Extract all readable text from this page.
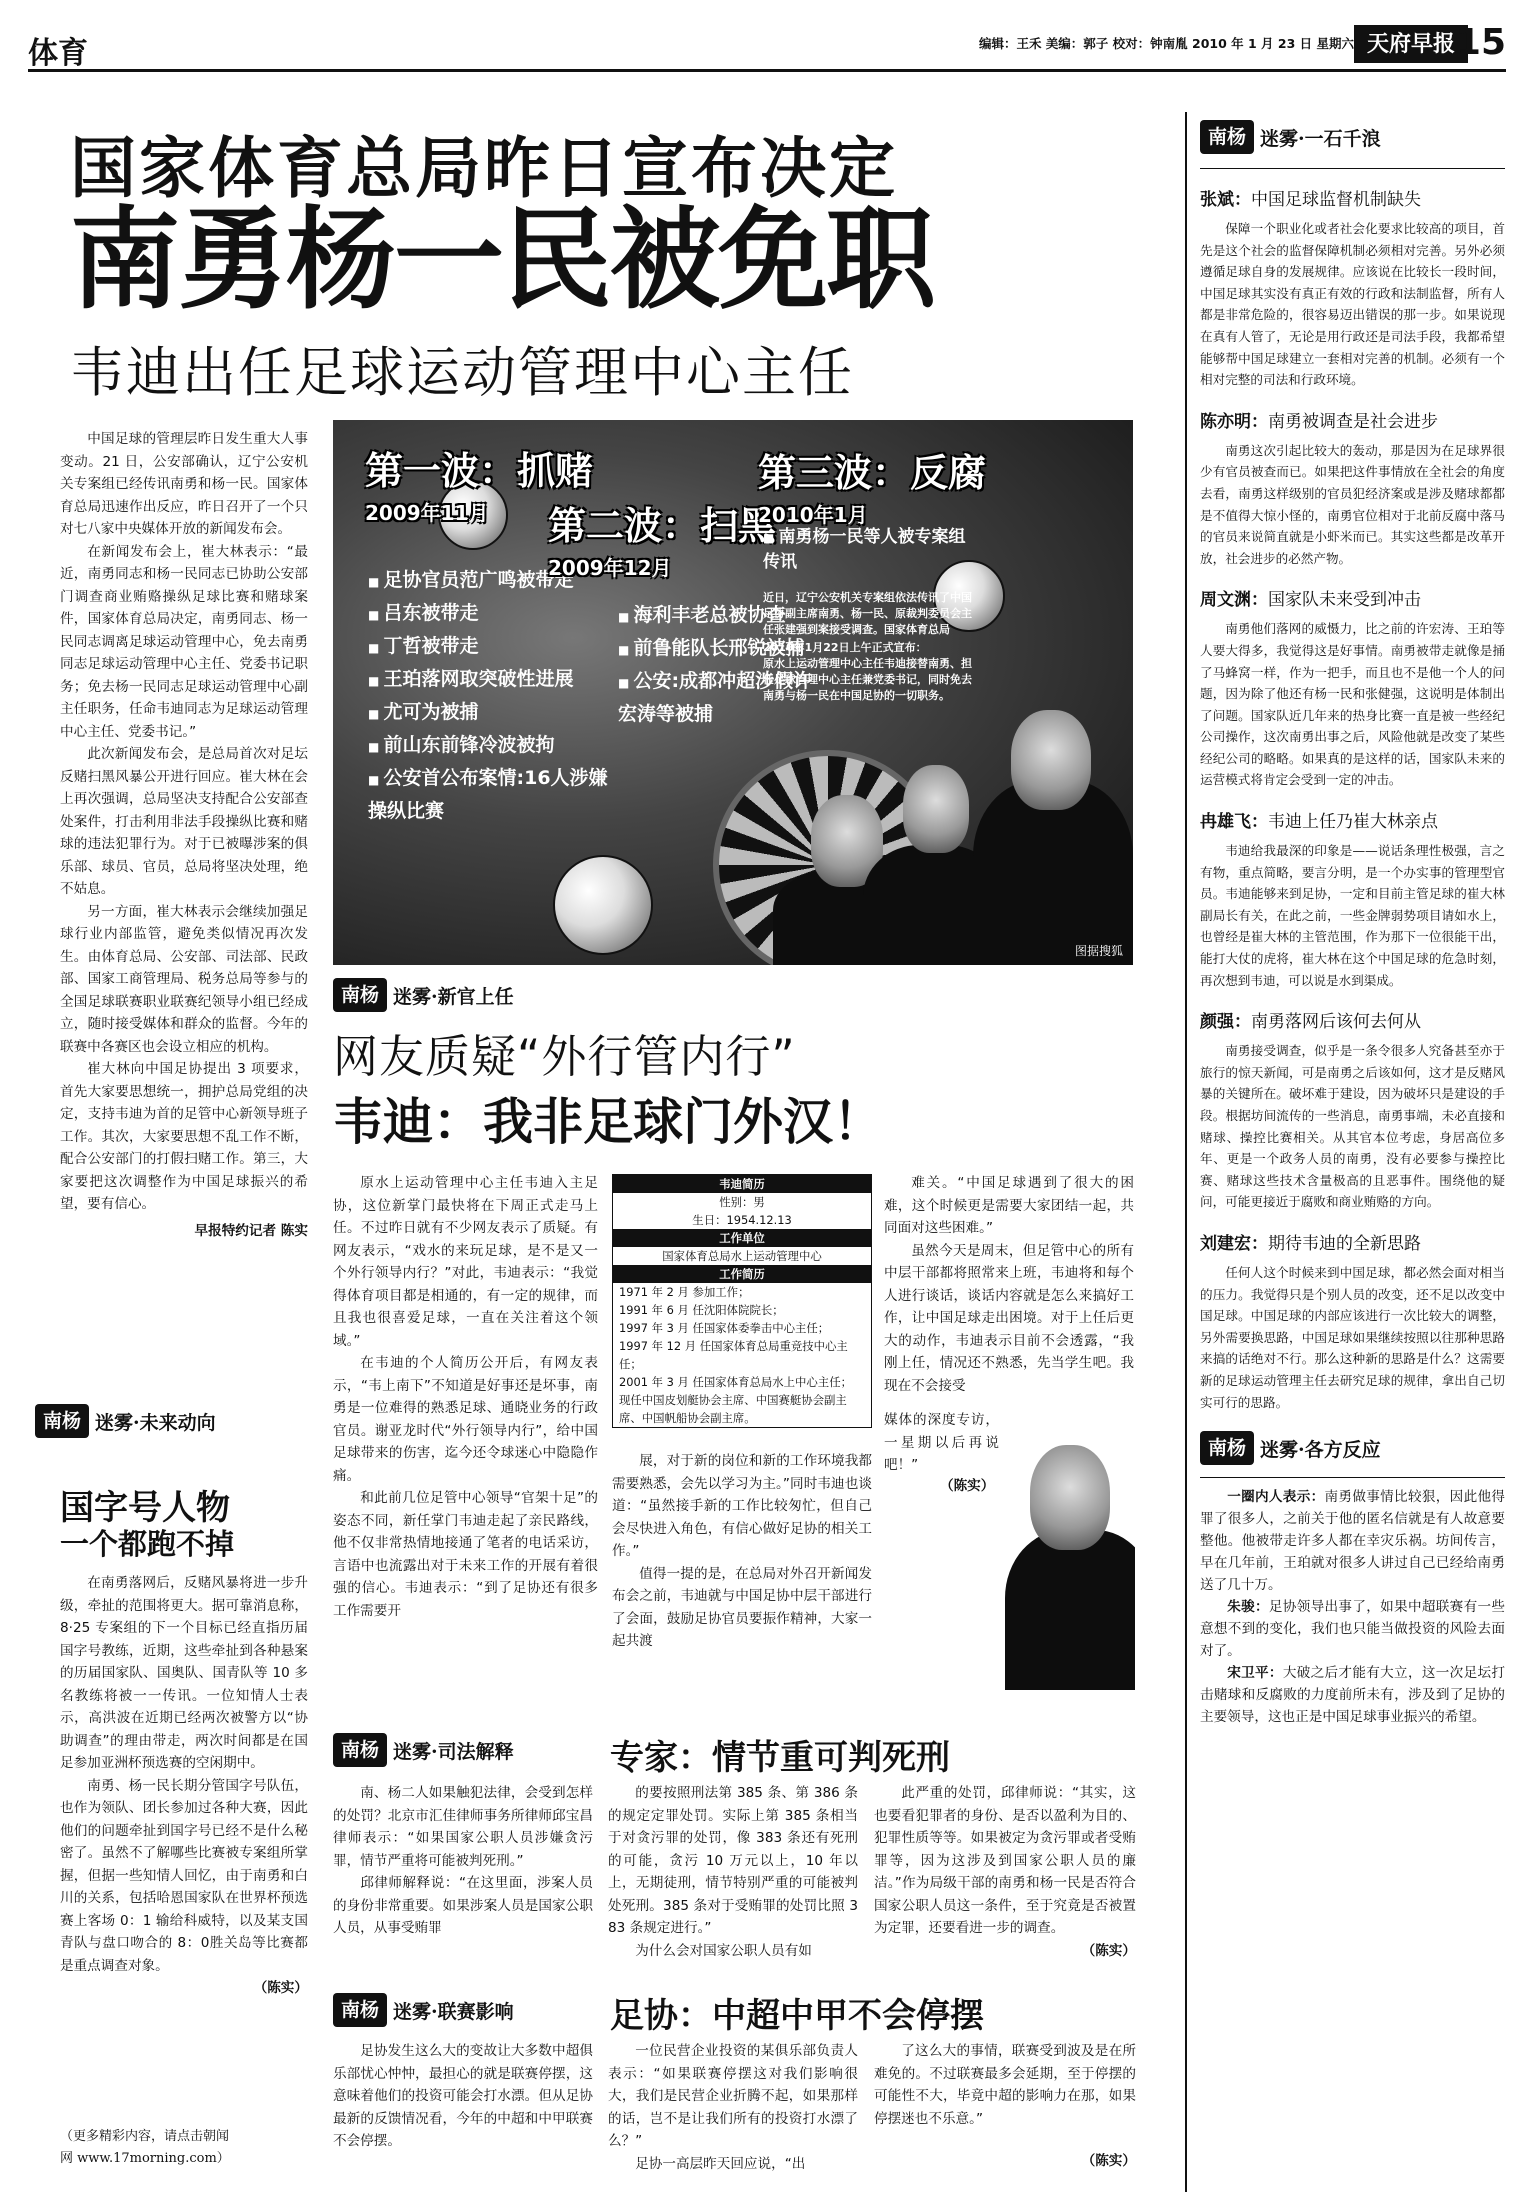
体育	编辑：王禾 美编：郭子 校对：钟南胤 2010 年 1 月 23 日 星期六 天府早报 15
国家体育总局昨日宣布决定
南勇杨一民被免职
韦迪出任足球运动管理中心主任

中国足球的管理层昨日发生重大人事变动。21 日，公安部确认，辽宁公安机关专案组已经传讯南勇和杨一民。国家体育总局迅速作出反应，昨日召开了一个只对七八家中央媒体开放的新闻发布会。

在新闻发布会上，崔大林表示：“最近，南勇同志和杨一民同志已协助公安部门调查商业贿赂操纵足球比赛和赌球案件，国家体育总局决定，南勇同志、杨一民同志调离足球运动管理中心，免去南勇同志足球运动管理中心主任、党委书记职务；免去杨一民同志足球运动管理中心副主任职务，任命韦迪同志为足球运动管理中心主任、党委书记。”

此次新闻发布会，是总局首次对足坛反赌扫黑风暴公开进行回应。崔大林在会上再次强调，总局坚决支持配合公安部查处案件，打击利用非法手段操纵比赛和赌球的违法犯罪行为。对于已被曝涉案的俱乐部、球员、官员，总局将坚决处理，绝不姑息。

另一方面，崔大林表示会继续加强足球行业内部监管，避免类似情况再次发生。由体育总局、公安部、司法部、民政部、国家工商管理局、税务总局等参与的全国足球联赛职业联赛纪领导小组已经成立，随时接受媒体和群众的监督。今年的联赛中各赛区也会设立相应的机构。

崔大林向中国足协提出 3 项要求，首先大家要思想统一，拥护总局党组的决定，支持韦迪为首的足管中心新领导班子工作。其次，大家要思想不乱工作不断，配合公安部门的打假扫赌工作。第三，大家要把这次调整作为中国足球振兴的希望，要有信心。

早报特约记者 陈实
第一波：抓赌
2009年11月
■ 足协官员范广鸣被带走
■ 吕东被带走
■ 丁哲被带走
■ 王珀落网取突破性进展
■ 尤可为被捕
■ 前山东前锋冷波被拘
■ 公安首公布案情:16人涉嫌操纵比赛
第二波：扫黑
2009年12月
■ 海利丰老总被协查
■ 前鲁能队长邢锐被捕
■ 公安:成都冲超涉假许宏涛等被捕
第三波：反腐
2010年1月
■ 南勇杨一民等人被专案组传讯
近日，辽宁公安机关专案组依法传讯了中国足协副主席南勇、杨一民、原裁判委员会主任张建强到案接受调查。国家体育总局
2010年1月22日上午正式宣布：
原水上运动管理中心主任韦迪接替南勇、担任足球管理中心主任兼党委书记，同时免去南勇与杨一民在中国足协的一切职务。
图据搜狐
南杨 迷雾·新官上任
网友质疑“外行管内行”
韦迪：我非足球门外汉！

原水上运动管理中心主任韦迪入主足协，这位新掌门最快将在下周正式走马上任。不过昨日就有不少网友表示了质疑。有网友表示，“戏水的来玩足球，是不是又一个外行领导内行？”对此，韦迪表示：“我觉得体育项目都是相通的，有一定的规律，而且我也很喜爱足球，一直在关注着这个领域。”

在韦迪的个人简历公开后，有网友表示，“韦上南下”不知道是好事还是坏事，南勇是一位难得的熟悉足球、通晓业务的行政官员。谢亚龙时代“外行领导内行”，给中国足球带来的伤害，迄今还令球迷心中隐隐作痛。

和此前几位足管中心领导“官架十足”的姿态不同，新任掌门韦迪走起了亲民路线，他不仅非常热情地接通了笔者的电话采访，言语中也流露出对于未来工作的开展有着很强的信心。韦迪表示：“到了足协还有很多工作需要开

韦迪简历
性别：男
生日：1954.12.13
工作单位
国家体育总局水上运动管理中心
工作简历
1971 年 2 月 参加工作；
1991 年 6 月 任沈阳体院院长；
1997 年 3 月 任国家体委拳击中心主任；
1997 年 12 月 任国家体育总局重竞技中心主任；
2001 年 3 月 任国家体育总局水上中心主任；
现任中国皮划艇协会主席、中国赛艇协会副主席、中国帆船协会副主席。

展，对于新的岗位和新的工作环境我都需要熟悉，会先以学习为主。”同时韦迪也谈道：“虽然接手新的工作比较匆忙，但自己会尽快进入角色，有信心做好足协的相关工作。”

值得一提的是，在总局对外召开新闻发布会之前，韦迪就与中国足协中层干部进行了会面，鼓励足协官员要振作精神，大家一起共渡

难关。“中国足球遇到了很大的困难，这个时候更是需要大家团结一起，共同面对这些困难。”

虽然今天是周末，但足管中心的所有中层干部都将照常来上班，韦迪将和每个人进行谈话，谈话内容就是怎么来搞好工作，让中国足球走出困境。对于上任后更大的动作，韦迪表示目前不会透露，“我刚上任，情况还不熟悉，先当学生吧。我现在不会接受

媒体的深度专访，一星期以后再说吧！”
（陈实）
南杨 迷雾·司法解释	专家：情节重可判死刑

南、杨二人如果触犯法律，会受到怎样的处罚？北京市汇佳律师事务所律师邱宝昌律师表示：“如果国家公职人员涉嫌贪污罪，情节严重将可能被判死刑。”

邱律师解释说：“在这里面，涉案人员的身份非常重要。如果涉案人员是国家公职人员，从事受贿罪

的要按照刑法第 385 条、第 386 条的规定定罪处罚。实际上第 385 条相当于对贪污罪的处罚，像 383 条还有死刑的可能，贪污 10 万元以上，10 年以上，无期徒刑，情节特别严重的可能被判处死刑。385 条对于受贿罪的处罚比照 383 条规定进行。”

为什么会对国家公职人员有如

此严重的处罚，邱律师说：“其实，这也要看犯罪者的身份、是否以盈利为目的、犯罪性质等等。如果被定为贪污罪或者受贿罪等，因为这涉及到国家公职人员的廉洁。”作为局级干部的南勇和杨一民是否符合国家公职人员这一条件，至于究竟是否被置为定罪，还要看进一步的调查。

（陈实）
南杨 迷雾·联赛影响	足协：中超中甲不会停摆

足协发生这么大的变故让大多数中超俱乐部忧心忡忡，最担心的就是联赛停摆，这意味着他们的投资可能会打水漂。但从足协最新的反馈情况看，今年的中超和中甲联赛不会停摆。

一位民营企业投资的某俱乐部负责人表示：“如果联赛停摆这对我们影响很大，我们是民营企业折腾不起，如果那样的话，岂不是让我们所有的投资打水漂了么？”

足协一高层昨天回应说，“出

了这么大的事情，联赛受到波及是在所难免的。不过联赛最多会延期，至于停摆的可能性不大，毕竟中超的影响力在那，如果停摆迷也不乐意。”

（陈实）
南杨 迷雾·未来动向
国字号人物
一个都跑不掉

在南勇落网后，反赌风暴将进一步升级，牵扯的范围将更大。据可靠消息称，8·25 专案组的下一个目标已经直指历届国字号教练，近期，这些牵扯到各种悬案的历届国家队、国奥队、国青队等 10 多名教练将被一一传讯。一位知情人士表示，高洪波在近期已经两次被警方以“协助调查”的理由带走，两次时间都是在国足参加亚洲杯预选赛的空闲期中。

南勇、杨一民长期分管国字号队伍，也作为领队、团长参加过各种大赛，因此他们的问题牵扯到国字号已经不是什么秘密了。虽然不了解哪些比赛被专案组所掌握，但据一些知情人回忆，由于南勇和白川的关系，包括哈恩国家队在世界杯预选赛上客场 0：1 输给科威特，以及某支国青队与盘口吻合的 8：0胜关岛等比赛都是重点调查对象。

（陈实）
（更多精彩内容，请点击朝闻
网 www.17morning.com）
南杨 迷雾·一石千浪
张斌：中国足球监督机制缺失

保障一个职业化或者社会化要求比较高的项目，首先是这个社会的监督保障机制必须相对完善。另外必须遵循足球自身的发展规律。应该说在比较长一段时间，中国足球其实没有真正有效的行政和法制监督，所有人都是非常危险的，很容易迈出错误的那一步。如果说现在真有人管了，无论是用行政还是司法手段，我都希望能够帮中国足球建立一套相对完善的机制。必须有一个相对完整的司法和行政环境。

陈亦明：南勇被调查是社会进步

南勇这次引起比较大的轰动，那是因为在足球界很少有官员被查而已。如果把这件事情放在全社会的角度去看，南勇这样级别的官员犯经济案或是涉及赌球都都是不值得大惊小怪的，南勇官位相对于北前反腐中落马的官员来说简直就是小虾米而已。其实这些都是改革开放，社会进步的必然产物。

周文渊：国家队未来受到冲击

南勇他们落网的威慑力，比之前的许宏涛、王珀等人要大得多，我觉得这是好事情。南勇被带走就像是捅了马蜂窝一样，作为一把手，而且也不是他一个人的问题，因为除了他还有杨一民和张健强，这说明是体制出了问题。国家队近几年来的热身比赛一直是被一些经纪公司操作，这次南勇出事之后，风险他就是改变了某些经纪公司的略略。如果真的是这样的话，国家队未来的运营模式将肯定会受到一定的冲击。

冉雄飞：韦迪上任乃崔大林亲点

韦迪给我最深的印象是——说话条理性极强，言之有物，重点简略，要言分明，是一个办实事的管理型官员。韦迪能够来到足协，一定和目前主管足球的崔大林副局长有关，在此之前，一些金牌弱势项目请如水上，也曾经是崔大林的主管范围，作为那下一位很能干出，能打大仗的虎将，崔大林在这个中国足球的危急时刻，再次想到韦迪，可以说是水到渠成。

颜强：南勇落网后该何去何从

南勇接受调查，似乎是一条令很多人究备甚至亦于旅行的惊天新闻，可是南勇之后该如何，这才是反赌风暴的关键所在。破坏难于建设，因为破坏只是建设的手段。根据坊间流传的一些消息，南勇事端，未必直接和赌球、操控比赛相关。从其官本位考虑，身居高位多年、更是一个政务人员的南勇，没有必要参与操控比赛、赌球这些技术含量极高的且恶事件。围绕他的疑问，可能更接近于腐败和商业贿赂的方向。

刘建宏：期待韦迪的全新思路

任何人这个时候来到中国足球，都必然会面对相当的压力。我觉得只是个别人员的改变，还不足以改变中国足球。中国足球的内部应该进行一次比较大的调整，另外需要换思路，中国足球如果继续按照以往那种思路来搞的话绝对不行。那么这种新的思路是什么？这需要新的足球运动管理主任去研究足球的规律，拿出自己切实可行的思路。

南杨 迷雾·各方反应

一圈内人表示：南勇做事情比较狠，因此他得罪了很多人，之前关于他的匿名信就是有人故意要整他。他被带走许多人都在幸灾乐祸。坊间传言，早在几年前，王珀就对很多人讲过自己已经给南勇送了几十万。

朱骏：足协领导出事了，如果中超联赛有一些意想不到的变化，我们也只能当做投资的风险去面对了。

宋卫平：大破之后才能有大立，这一次足坛打击赌球和反腐败的力度前所未有，涉及到了足协的主要领导，这也正是中国足球事业振兴的希望。
